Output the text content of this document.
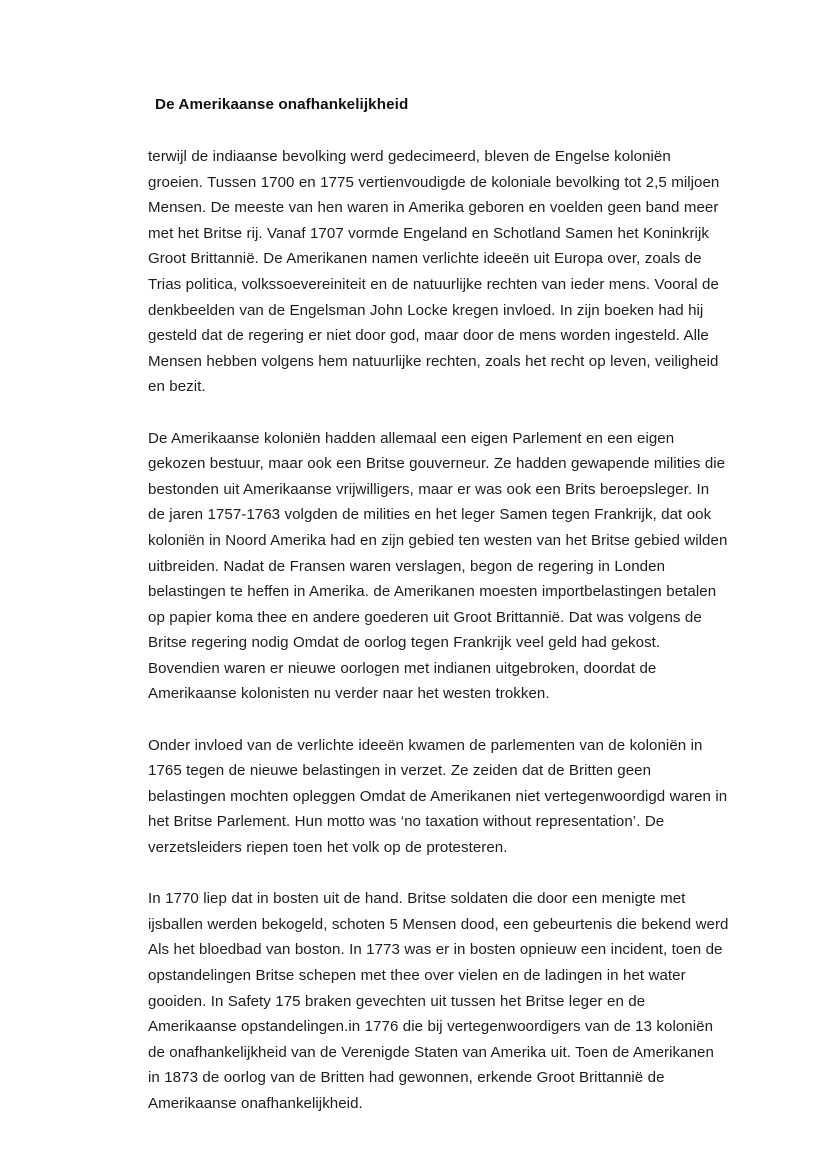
De Amerikaanse onafhankelijkheid

terwijl de indiaanse bevolking werd gedecimeerd, bleven de Engelse koloniën groeien. Tussen 1700 en 1775 vertienvoudigde de koloniale bevolking tot 2,5 miljoen Mensen. De meeste van hen waren in Amerika geboren en voelden geen band meer met het Britse rij. Vanaf 1707 vormde Engeland en Schotland Samen het Koninkrijk Groot Brittannië. De Amerikanen namen verlichte ideeën uit Europa over, zoals de Trias politica, volkssoevereiniteit en de natuurlijke rechten van ieder mens. Vooral de denkbeelden van de Engelsman John Locke kregen invloed. In zijn boeken had hij gesteld dat de regering er niet door god, maar door de mens worden ingesteld. Alle Mensen hebben volgens hem natuurlijke rechten, zoals het recht op leven, veiligheid en bezit.

De Amerikaanse koloniën hadden allemaal een eigen Parlement en een eigen gekozen bestuur, maar ook een Britse gouverneur. Ze hadden gewapende milities die bestonden uit Amerikaanse vrijwilligers, maar er was ook een Brits beroepsleger. In de jaren 1757-1763 volgden de milities en het leger Samen tegen Frankrijk, dat ook koloniën in Noord Amerika had en zijn gebied ten westen van het Britse gebied wilden uitbreiden. Nadat de Fransen waren verslagen, begon de regering in Londen belastingen te heffen in Amerika. de Amerikanen moesten importbelastingen betalen op papier koma thee en andere goederen uit Groot Brittannië. Dat was volgens de Britse regering nodig Omdat de oorlog tegen Frankrijk veel geld had gekost. Bovendien waren er nieuwe oorlogen met indianen uitgebroken, doordat de Amerikaanse kolonisten nu verder naar het westen trokken.

Onder invloed van de verlichte ideeën kwamen de parlementen van de koloniën in 1765 tegen de nieuwe belastingen in verzet. Ze zeiden dat de Britten geen belastingen mochten opleggen Omdat de Amerikanen niet vertegenwoordigd waren in het Britse Parlement. Hun motto was ‘no taxation without representation’. De verzetsleiders riepen toen het volk op de protesteren.

In 1770 liep dat in bosten uit de hand. Britse soldaten die door een menigte met ijsballen werden bekogeld, schoten 5 Mensen dood, een gebeurtenis die bekend werd Als het bloedbad van boston. In 1773 was er in bosten opnieuw een incident, toen de opstandelingen Britse schepen met thee over vielen en de ladingen in het water gooiden. In Safety 175 braken gevechten uit tussen het Britse leger en de Amerikaanse opstandelingen.in 1776 die bij vertegenwoordigers van de 13 koloniën de onafhankelijkheid van de Verenigde Staten van Amerika uit. Toen de Amerikanen in 1873 de oorlog van de Britten had gewonnen, erkende Groot Brittannië de Amerikaanse onafhankelijkheid.
